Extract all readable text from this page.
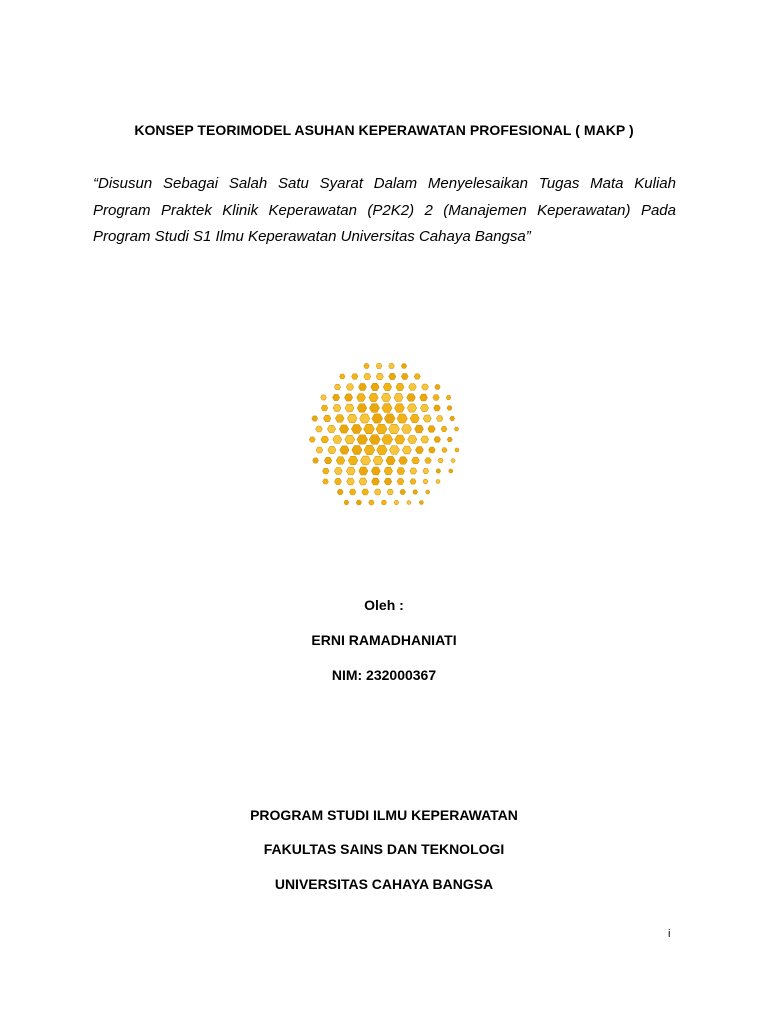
KONSEP TEORIMODEL ASUHAN KEPERAWATAN PROFESIONAL ( MAKP )
“Disusun Sebagai Salah Satu Syarat Dalam Menyelesaikan Tugas Mata Kuliah Program Praktek Klinik Keperawatan (P2K2) 2 (Manajemen Keperawatan) Pada Program Studi S1 Ilmu Keperawatan Universitas Cahaya Bangsa”
Oleh :
ERNI RAMADHANIATI
NIM: 232000367
PROGRAM STUDI ILMU KEPERAWATAN
FAKULTAS SAINS DAN TEKNOLOGI
UNIVERSITAS CAHAYA BANGSA
i
